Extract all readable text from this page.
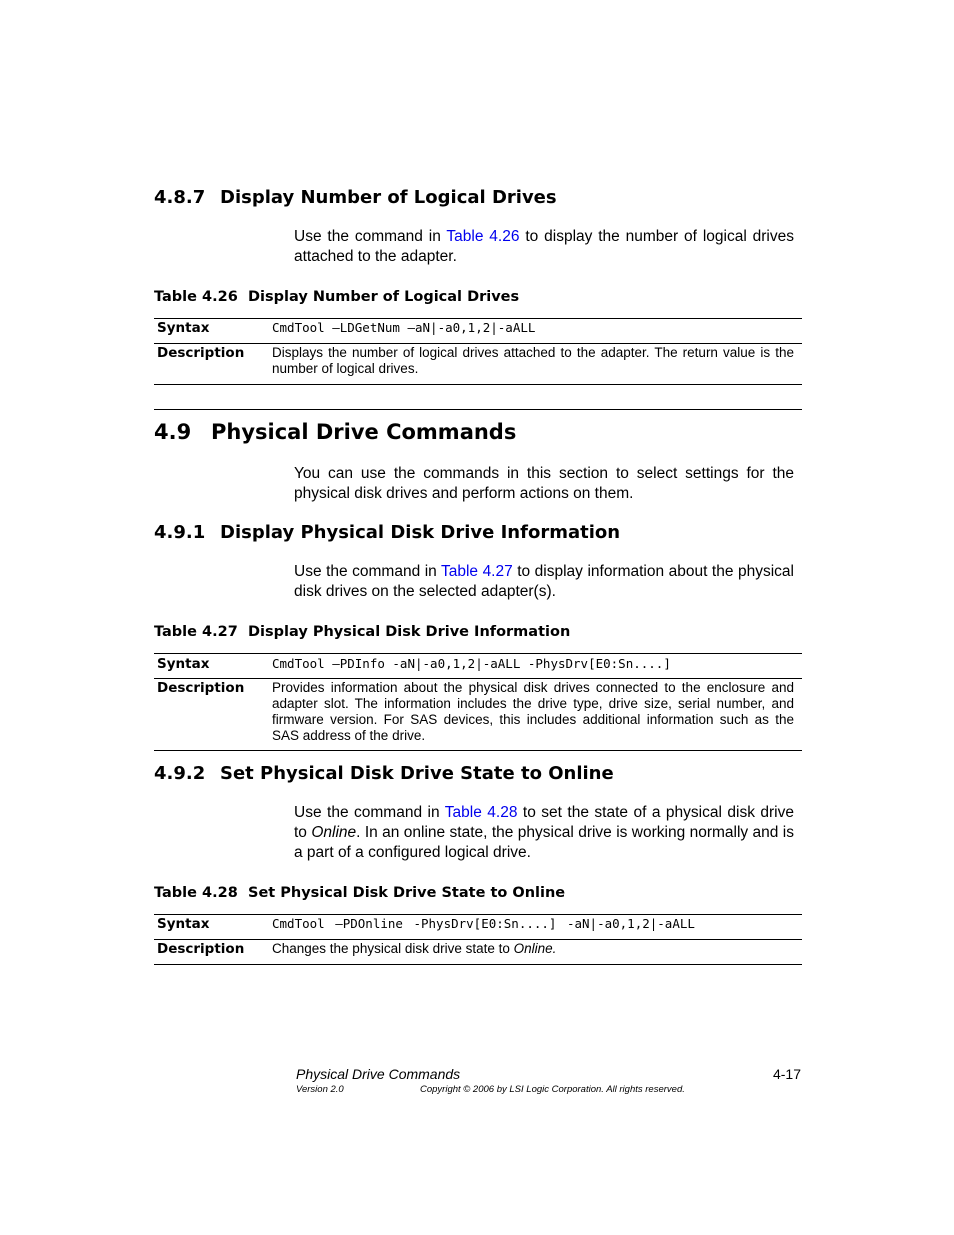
4.8.7 Display Number of Logical Drives

Use the command in Table 4.26 to display the number of logical drives attached to the adapter.

Table 4.26 Display Number of Logical Drives
Syntax	CmdTool –LDGetNum –aN|-a0,1,2|-aALL
Description	Displays the number of logical drives attached to the adapter. The return value is the number of logical drives.
4.9 Physical Drive Commands

You can use the commands in this section to select settings for the physical disk drives and perform actions on them.

4.9.1 Display Physical Disk Drive Information

Use the command in Table 4.27 to display information about the physical disk drives on the selected adapter(s).

Table 4.27 Display Physical Disk Drive Information
Syntax	CmdTool –PDInfo -aN|-a0,1,2|-aALL -PhysDrv[E0:Sn....]
Description	Provides information about the physical disk drives connected to the enclosure and adapter slot. The information includes the drive type, drive size, serial number, and firmware version. For SAS devices, this includes additional information such as the SAS address of the drive.
4.9.2 Set Physical Disk Drive State to Online

Use the command in Table 4.28 to set the state of a physical disk drive to Online. In an online state, the physical drive is working normally and is a part of a configured logical drive.

Table 4.28 Set Physical Disk Drive State to Online
Syntax	CmdTool –PDOnline -PhysDrv[E0:Sn....] -aN|-a0,1,2|-aALL
Description	Changes the physical disk drive state to Online.
Physical Drive Commands	4-17
Version 2.0	Copyright © 2006 by LSI Logic Corporation. All rights reserved.
